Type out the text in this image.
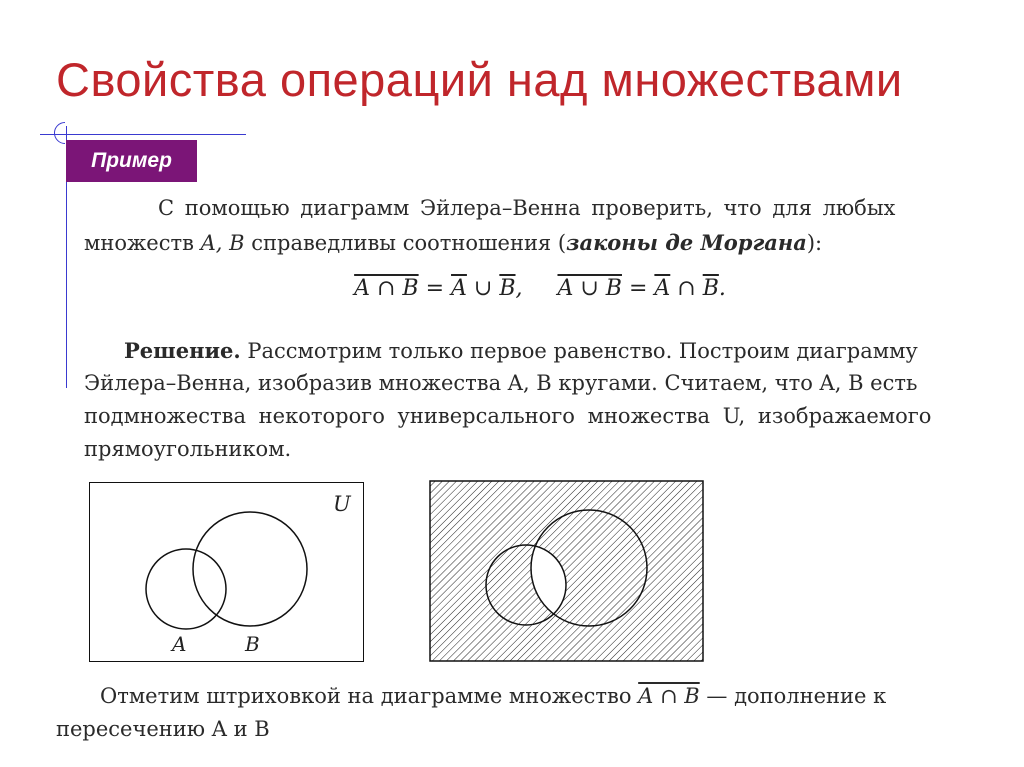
Свойства операций над множествами
Пример
С помощью диаграмм Эйлера–Венна проверить, что для любых
множеств A, B справедливы соотношения (законы де Моргана):
A ∩ $B = \overline{A}$ ∪ $\overline{B}$,     A ∪ $B = \overline{A}$ ∩ $\overline{B}$.
Решение. Рассмотрим только первое равенство. Построим диаграмму
Эйлера–Венна, изобразив множества A, B кругами. Считаем, что A, B есть
подмножества некоторого универсального множества U, изображаемого
прямоугольником.
U
A	B
Отметим штриховкой на диаграмме множество A ∩ B — дополнение к
пересечению A и B
